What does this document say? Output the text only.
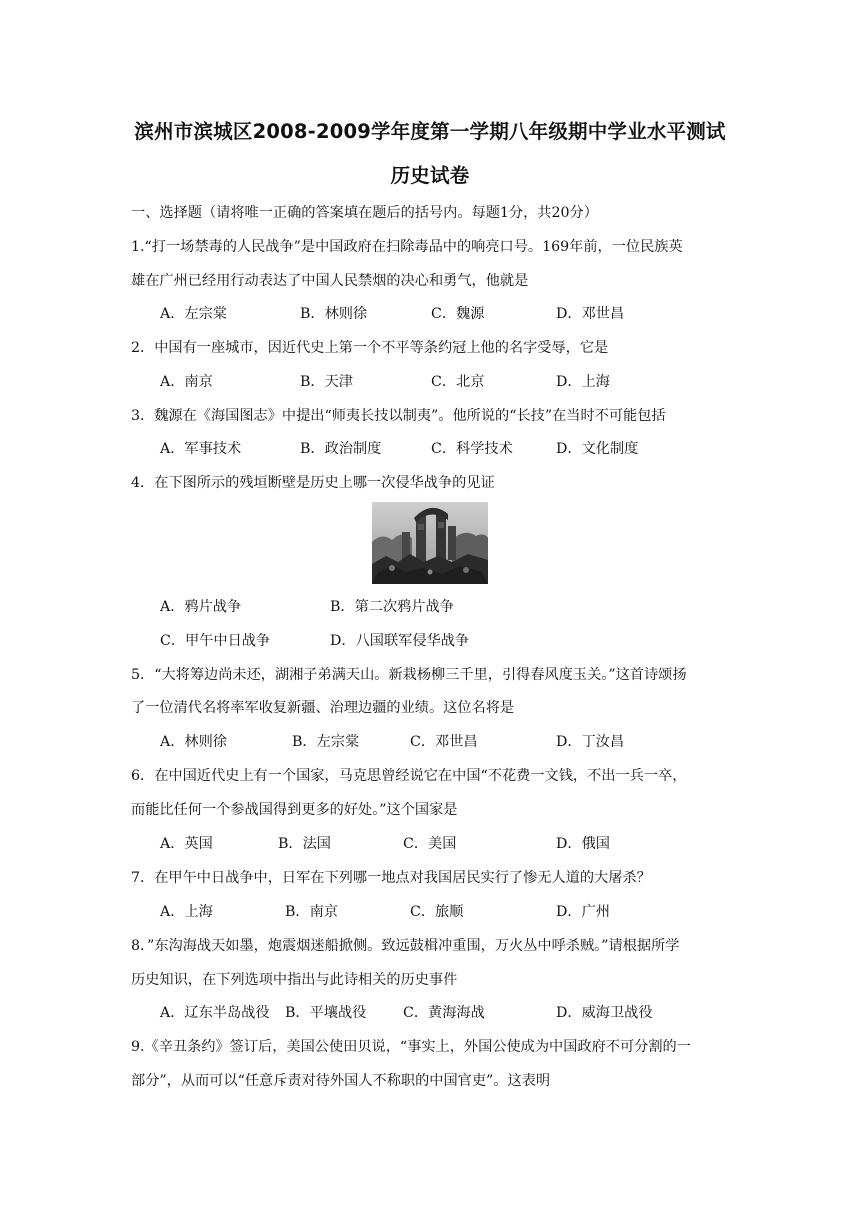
滨州市滨城区2008-2009学年度第一学期八年级期中学业水平测试
历史试卷
一、选择题（请将唯一正确的答案填在题后的括号内。每题1分，共20分）
1.“打一场禁毒的人民战争”是中国政府在扫除毒品中的响亮口号。169年前，一位民族英
雄在广州已经用行动表达了中国人民禁烟的决心和勇气，他就是
A．左宗棠	B．林则徐	C．魏源	D．邓世昌
2．中国有一座城市，因近代史上第一个不平等条约冠上他的名字受辱，它是
A．南京	B．天津	C．北京	D．上海
3．魏源在《海国图志》中提出“师夷长技以制夷”。他所说的“长技”在当时不可能包括
A．军事技术	B．政治制度	C．科学技术	D．文化制度
4．在下图所示的残垣断壁是历史上哪一次侵华战争的见证
A．鸦片战争	B．第二次鸦片战争
C．甲午中日战争	D．八国联军侵华战争
5．“大将筹边尚未还，湖湘子弟满天山。新栽杨柳三千里，引得春风度玉关。”这首诗颂扬
了一位清代名将率军收复新疆、治理边疆的业绩。这位名将是
A．林则徐	B．左宗棠	C．邓世昌	D．丁汝昌
6．在中国近代史上有一个国家，马克思曾经说它在中国“不花费一文钱，不出一兵一卒，
而能比任何一个参战国得到更多的好处。”这个国家是
A．英国	B．法国	C．美国	D．俄国
7．在甲午中日战争中，日军在下列哪一地点对我国居民实行了惨无人道的大屠杀？
A．上海	B．南京	C．旅顺	D．广州
8．”东沟海战天如墨，炮震烟迷船掀侧。致远鼓楫冲重围，万火丛中呼杀贼。”请根据所学
历史知识，在下列选项中指出与此诗相关的历史事件
A．辽东半岛战役 B．平壤战役	C．黄海海战	D．威海卫战役
9.《辛丑条约》签订后，美国公使田贝说，“事实上，外国公使成为中国政府不可分割的一
部分”，从而可以“任意斥责对待外国人不称职的中国官吏”。这表明
